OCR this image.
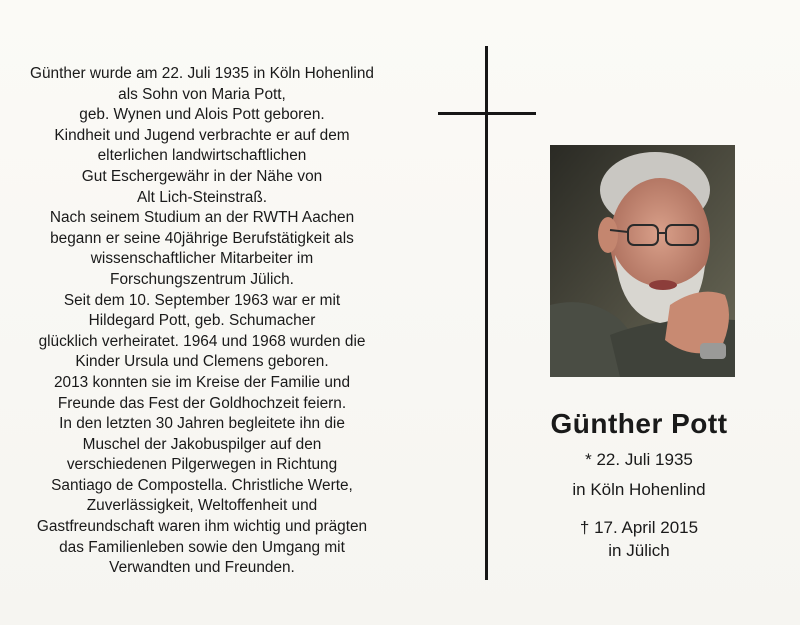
Günther wurde am 22. Juli 1935 in Köln Hohenlind
als Sohn von Maria Pott,
geb. Wynen und Alois Pott geboren.
Kindheit und Jugend verbrachte er auf dem
elterlichen landwirtschaftlichen
Gut Eschergewähr in der Nähe von
Alt Lich-Steinstraß.
Nach seinem Studium an der RWTH Aachen
begann er seine 40jährige Berufstätigkeit als
wissenschaftlicher Mitarbeiter im
Forschungszentrum Jülich.
Seit dem 10. September 1963 war er mit
Hildegard Pott, geb. Schumacher
glücklich verheiratet. 1964 und 1968 wurden die
Kinder Ursula und Clemens geboren.
2013 konnten sie im Kreise der Familie und
Freunde das Fest der Goldhochzeit feiern.
In den letzten 30 Jahren begleitete ihn die
Muschel der Jakobuspilger auf den
verschiedenen Pilgerwegen in Richtung
Santiago de Compostella. Christliche Werte,
Zuverlässigkeit, Weltoffenheit und
Gastfreundschaft waren ihm wichtig und prägten
das Familienleben sowie den Umgang mit
Verwandten und Freunden.
Günther Pott
* 22. Juli 1935
in Köln Hohenlind
† 17. April 2015
in Jülich
